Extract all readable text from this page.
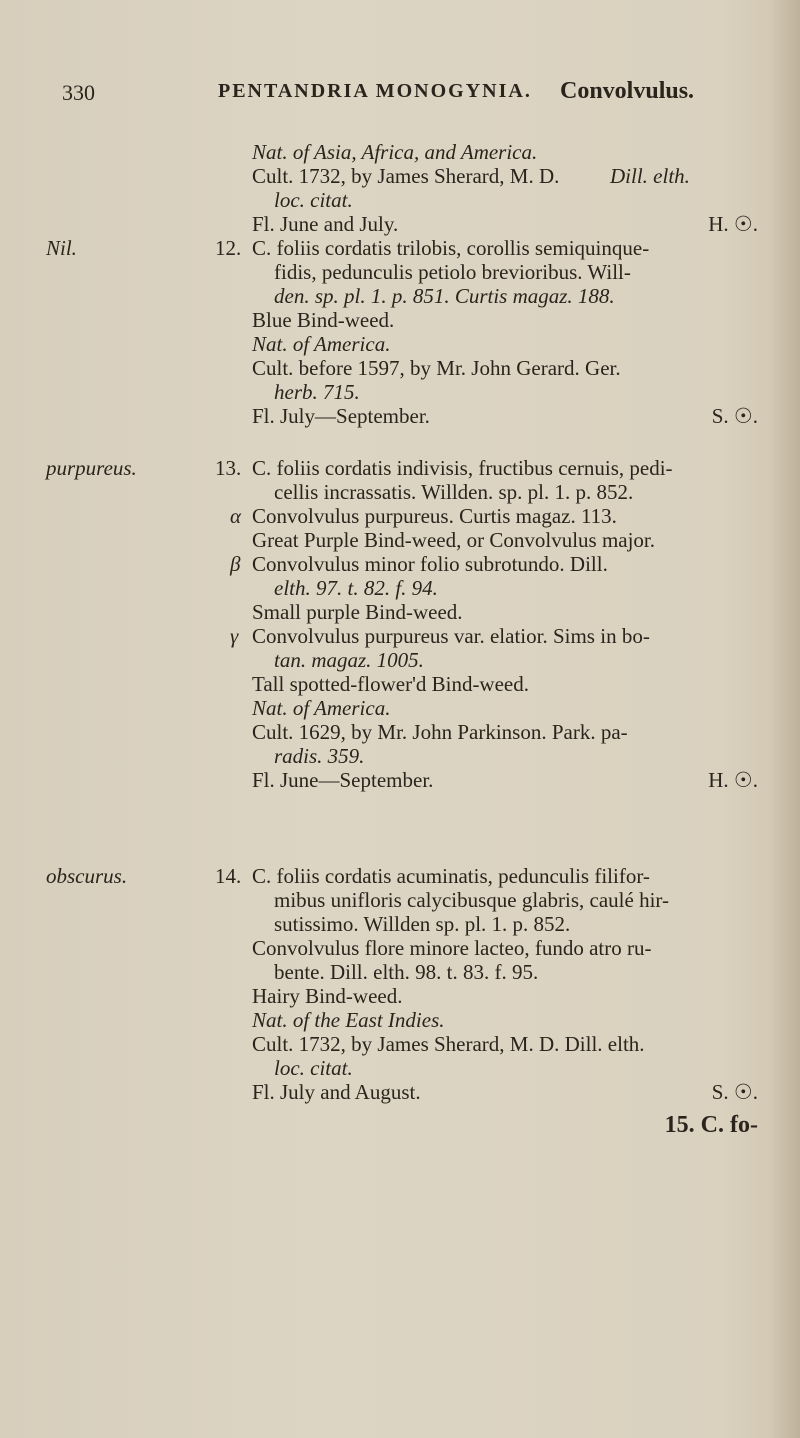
330	PENTANDRIA MONOGYNIA. Convolvulus.
Nat. of Asia, Africa, and America.
Cult. 1732, by James Sherard, M. D. Dill. elth.
loc. citat.
Fl. June and July.	H. ☉.
Nil.	12. C. foliis cordatis trilobis, corollis semiquinque-
fidis, pedunculis petiolo brevioribus. Will-
den. sp. pl. 1. p. 851. Curtis magaz. 188.
Blue Bind-weed.
Nat. of America.
Cult. before 1597, by Mr. John Gerard. Ger.
herb. 715.
Fl. July—September.	S. ☉.
purpureus.	13. C. foliis cordatis indivisis, fructibus cernuis, pedi-
cellis incrassatis. Willden. sp. pl. 1. p. 852.
α Convolvulus purpureus. Curtis magaz. 113.
Great Purple Bind-weed, or Convolvulus major.
β Convolvulus minor folio subrotundo. Dill.
elth. 97. t. 82. f. 94.
Small purple Bind-weed.
γ Convolvulus purpureus var. elatior. Sims in bo-
tan. magaz. 1005.
Tall spotted-flower'd Bind-weed.
Nat. of America.
Cult. 1629, by Mr. John Parkinson. Park. pa-
radis. 359.
Fl. June—September.	H. ☉.
obscurus.	14. C. foliis cordatis acuminatis, pedunculis filifor-
mibus unifloris calycibusque glabris, caulé hir-
sutissimo. Willden sp. pl. 1. p. 852.
Convolvulus flore minore lacteo, fundo atro ru-
bente. Dill. elth. 98. t. 83. f. 95.
Hairy Bind-weed.
Nat. of the East Indies.
Cult. 1732, by James Sherard, M. D. Dill. elth.
loc. citat.
Fl. July and August.	S. ☉.
15. C. fo-
